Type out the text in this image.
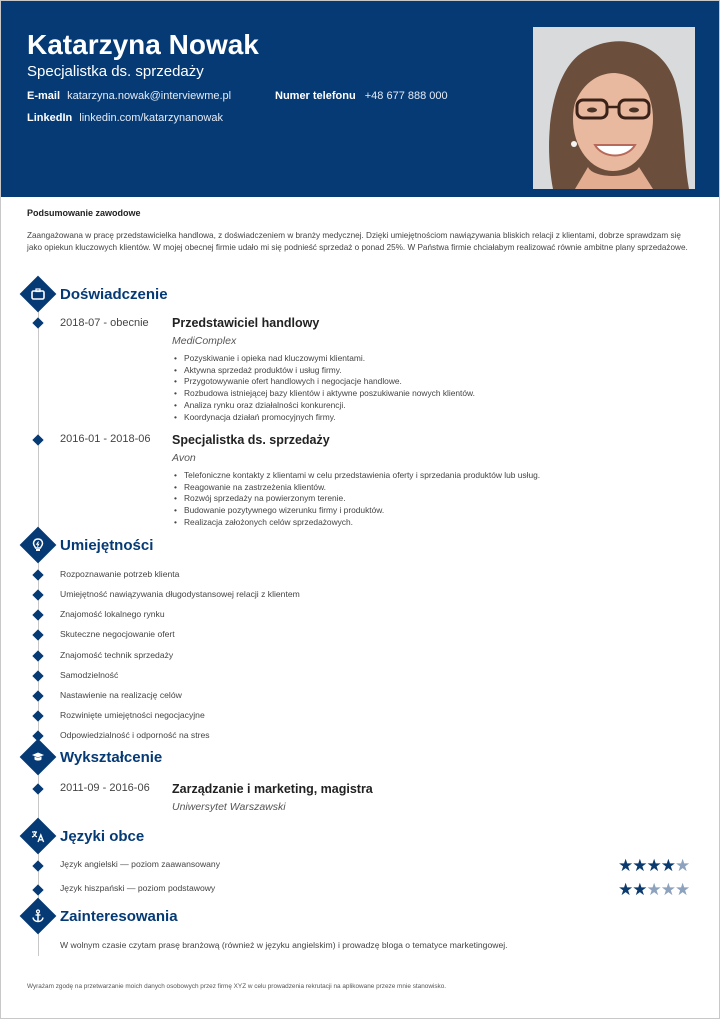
Katarzyna Nowak
Specjalistka ds. sprzedaży
E-mail katarzyna.nowak@interviewme.pl	Numer telefonu +48 677 888 000
LinkedIn linkedin.com/katarzynanowak
Podsumowanie zawodowe
Zaangażowana w pracę przedstawicielka handlowa, z doświadczeniem w branży medycznej. Dzięki umiejętnościom nawiązywania bliskich relacji z klientami, dobrze sprawdzam się jako opiekun kluczowych klientów. W mojej obecnej firmie udało mi się podnieść sprzedaż o ponad 25%. W Państwa firmie chciałabym realizować równie ambitne plany sprzedażowe.
Doświadczenie
2018-07 - obecnie Przedstawiciel handlowy
MediComplex
• Pozyskiwanie i opieka nad kluczowymi klientami.
• Aktywna sprzedaż produktów i usług firmy.
• Przygotowywanie ofert handlowych i negocjacje handlowe.
• Rozbudowa istniejącej bazy klientów i aktywne poszukiwanie nowych klientów.
• Analiza rynku oraz działalności konkurencji.
• Koordynacja działań promocyjnych firmy.
2016-01 - 2018-06 Specjalistka ds. sprzedaży
Avon
• Telefoniczne kontakty z klientami w celu przedstawienia oferty i sprzedania produktów lub usług.
• Reagowanie na zastrzeżenia klientów.
• Rozwój sprzedaży na powierzonym terenie.
• Budowanie pozytywnego wizerunku firmy i produktów.
• Realizacja założonych celów sprzedażowych.
Umiejętności
Rozpoznawanie potrzeb klienta
Umiejętność nawiązywania długodystansowej relacji z klientem
Znajomość lokalnego rynku
Skuteczne negocjowanie ofert
Znajomość technik sprzedaży
Samodzielność
Nastawienie na realizację celów
Rozwinięte umiejętności negocjacyjne
Odpowiedzialność i odporność na stres
Wykształcenie
2011-09 - 2016-06 Zarządzanie i marketing, magistra
Uniwersytet Warszawski
Języki obce
Język angielski — poziom zaawansowany	★★★★★
Język hiszpański — poziom podstawowy	★★★★★
Zainteresowania
W wolnym czasie czytam prasę branżową (również w języku angielskim) i prowadzę bloga o tematyce marketingowej.
Wyrażam zgodę na przetwarzanie moich danych osobowych przez firmę XYZ w celu prowadzenia rekrutacji na aplikowane przeze mnie stanowisko.
